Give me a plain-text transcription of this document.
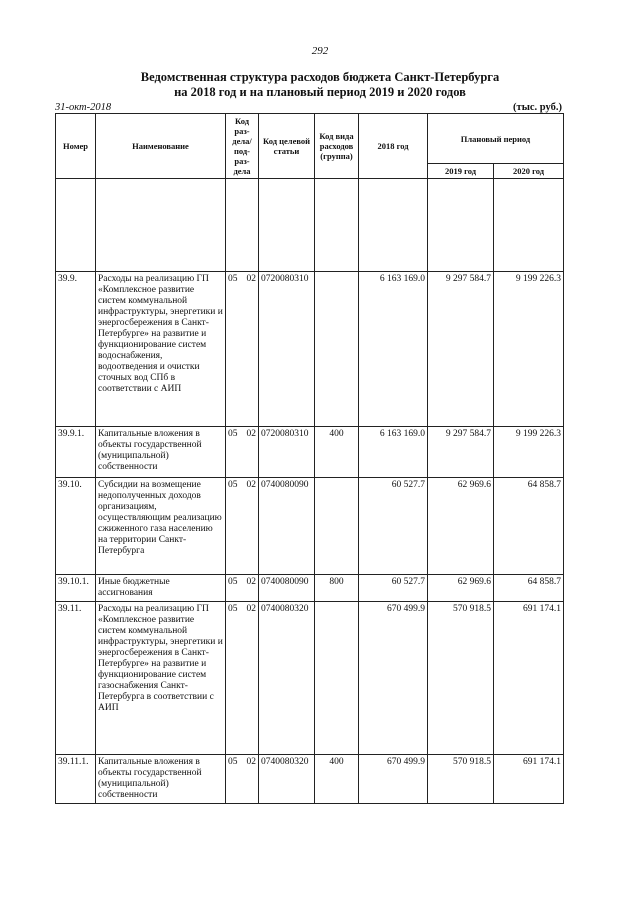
292
Ведомственная структура расходов бюджета Санкт-Петербурга
на 2018 год и на плановый период 2019 и 2020 годов
31-окт-2018	(тыс. руб.)
Номер	Наименование	Код раз-дела/ под-раз-дела	Код целевой статьи	Код вида расходов (группа)	2018 год	Плановый период	
						2019 год	2020 год

39.9.	Расходы на реализацию ГП «Комплексное развитие систем коммунальной инфраструктуры, энергетики и энергосбережения в Санкт-Петербурге» на развитие и функционирование систем водоснабжения, водоотведения и очистки сточных вод СПб в соответствии с АИП	05 02	0720080310		6 163 169.0	9 297 584.7	9 199 226.3
39.9.1.	Капитальные вложения в объекты государственной (муниципальной) собственности	05 02	0720080310	400	6 163 169.0	9 297 584.7	9 199 226.3
39.10.	Субсидии на возмещение недополученных доходов организациям, осуществляющим реализацию сжиженного газа населению на территории Санкт-Петербурга	05 02	0740080090		60 527.7	62 969.6	64 858.7
39.10.1.	Иные бюджетные ассигнования	05 02	0740080090	800	60 527.7	62 969.6	64 858.7
39.11.	Расходы на реализацию ГП «Комплексное развитие систем коммунальной инфраструктуры, энергетики и энергосбережения в Санкт-Петербурге» на развитие и функционирование систем газоснабжения Санкт-Петербурга в соответствии с АИП	05 02	0740080320		670 499.9	570 918.5	691 174.1
39.11.1.	Капитальные вложения в объекты государственной (муниципальной) собственности	05 02	0740080320	400	670 499.9	570 918.5	691 174.1
